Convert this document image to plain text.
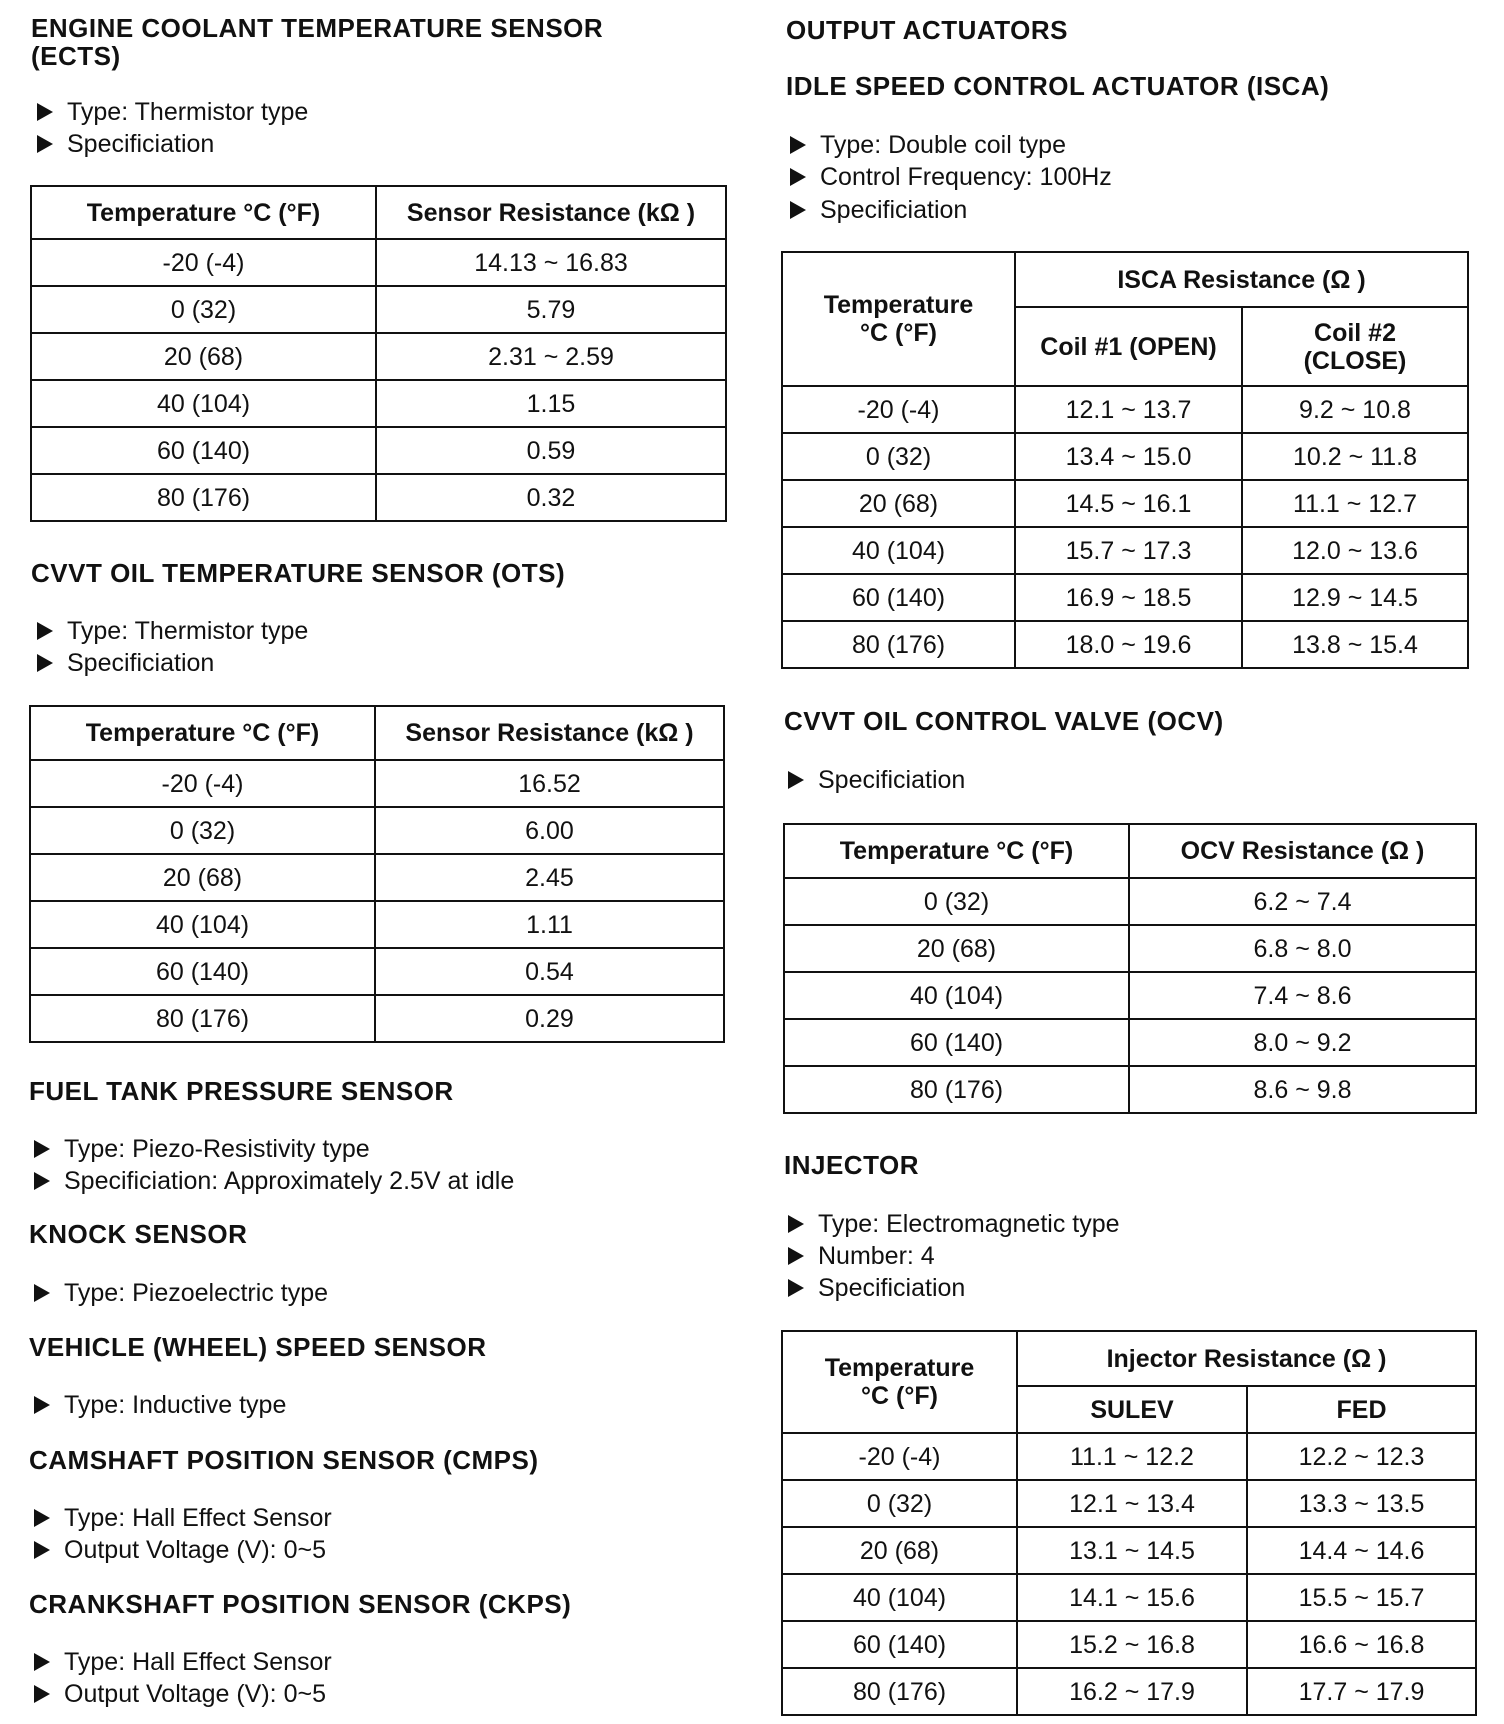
ENGINE COOLANT TEMPERATURE SENSOR
(ECTS)
Type: Thermistor type
Specificiation
Temperature °C (°F)	Sensor Resistance (kΩ )
-20 (-4)	14.13 ~ 16.83
0 (32)	5.79
20 (68)	2.31 ~ 2.59
40 (104)	1.15
60 (140)	0.59
80 (176)	0.32
CVVT OIL TEMPERATURE SENSOR (OTS)
Type: Thermistor type
Specificiation
Temperature °C (°F)	Sensor Resistance (kΩ )
-20 (-4)	16.52
0 (32)	6.00
20 (68)	2.45
40 (104)	1.11
60 (140)	0.54
80 (176)	0.29
FUEL TANK PRESSURE SENSOR
Type: Piezo-Resistivity type
Specificiation: Approximately 2.5V at idle
KNOCK SENSOR
Type: Piezoelectric type
VEHICLE (WHEEL) SPEED SENSOR
Type: Inductive type
CAMSHAFT POSITION SENSOR (CMPS)
Type: Hall Effect Sensor
Output Voltage (V): 0~5
CRANKSHAFT POSITION SENSOR (CKPS)
Type: Hall Effect Sensor
Output Voltage (V): 0~5
OUTPUT ACTUATORS
IDLE SPEED CONTROL ACTUATOR (ISCA)
Type: Double coil type
Control Frequency: 100Hz
Specificiation
Temperature
°C (°F)	ISCA Resistance (Ω )	
	Coil #1 (OPEN)	Coil #2
(CLOSE)

-20 (-4)	12.1 ~ 13.7	9.2 ~ 10.8
0 (32)	13.4 ~ 15.0	10.2 ~ 11.8
20 (68)	14.5 ~ 16.1	11.1 ~ 12.7
40 (104)	15.7 ~ 17.3	12.0 ~ 13.6
60 (140)	16.9 ~ 18.5	12.9 ~ 14.5
80 (176)	18.0 ~ 19.6	13.8 ~ 15.4
CVVT OIL CONTROL VALVE (OCV)
Specificiation
Temperature °C (°F)	OCV Resistance (Ω )
0 (32)	6.2 ~ 7.4
20 (68)	6.8 ~ 8.0
40 (104)	7.4 ~ 8.6
60 (140)	8.0 ~ 9.2
80 (176)	8.6 ~ 9.8
INJECTOR
Type: Electromagnetic type
Number: 4
Specificiation
Temperature
°C (°F)	Injector Resistance (Ω )	
	SULEV	FED
-20 (-4)	11.1 ~ 12.2	12.2 ~ 12.3
0 (32)	12.1 ~ 13.4	13.3 ~ 13.5
20 (68)	13.1 ~ 14.5	14.4 ~ 14.6
40 (104)	14.1 ~ 15.6	15.5 ~ 15.7
60 (140)	15.2 ~ 16.8	16.6 ~ 16.8
80 (176)	16.2 ~ 17.9	17.7 ~ 17.9
